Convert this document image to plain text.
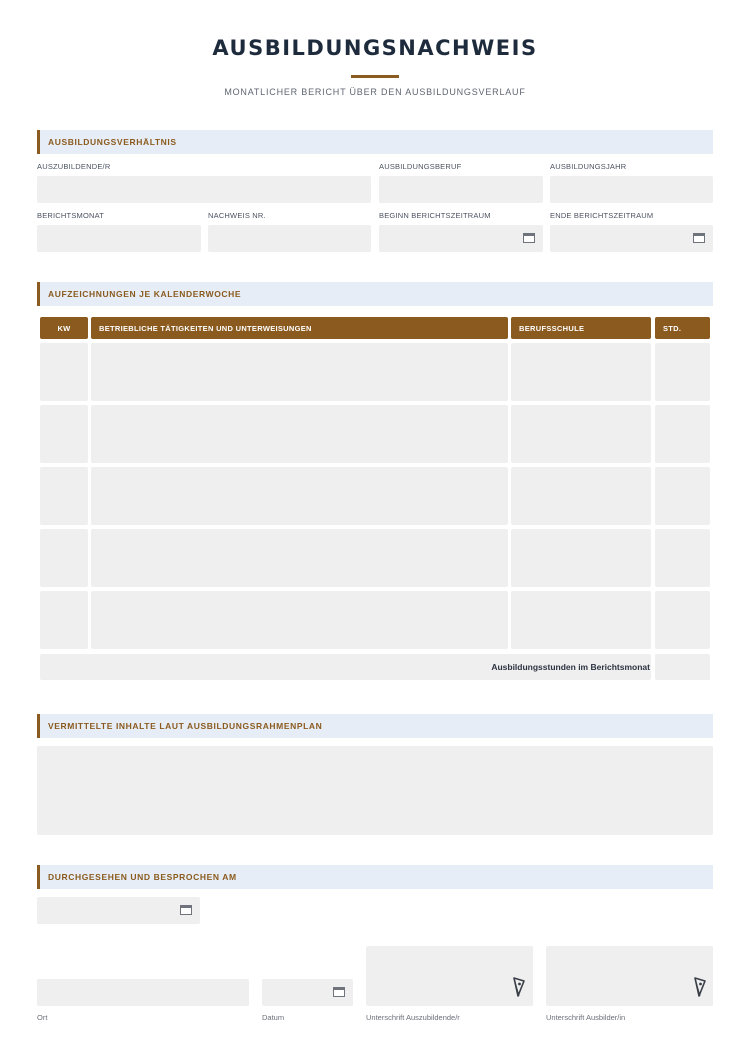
AUSBILDUNGSNACHWEIS
MONATLICHER BERICHT ÜBER DEN AUSBILDUNGSVERLAUF
AUSBILDUNGSVERHÄLTNIS
AUSZUBILDENDE/R	AUSBILDUNGSBERUF	AUSBILDUNGSJAHR
BERICHTSMONAT	NACHWEIS NR.	BEGINN BERICHTSZEITRAUM	ENDE BERICHTSZEITRAUM
AUFZEICHNUNGEN JE KALENDERWOCHE
KW	BETRIEBLICHE TÄTIGKEITEN UND UNTERWEISUNGEN	BERUFSSCHULE	STD.
Ausbildungsstunden im Berichtsmonat
VERMITTELTE INHALTE LAUT AUSBILDUNGSRAHMENPLAN
DURCHGESEHEN UND BESPROCHEN AM
Ort	Datum	Unterschrift Auszubildende/r	Unterschrift Ausbilder/in
